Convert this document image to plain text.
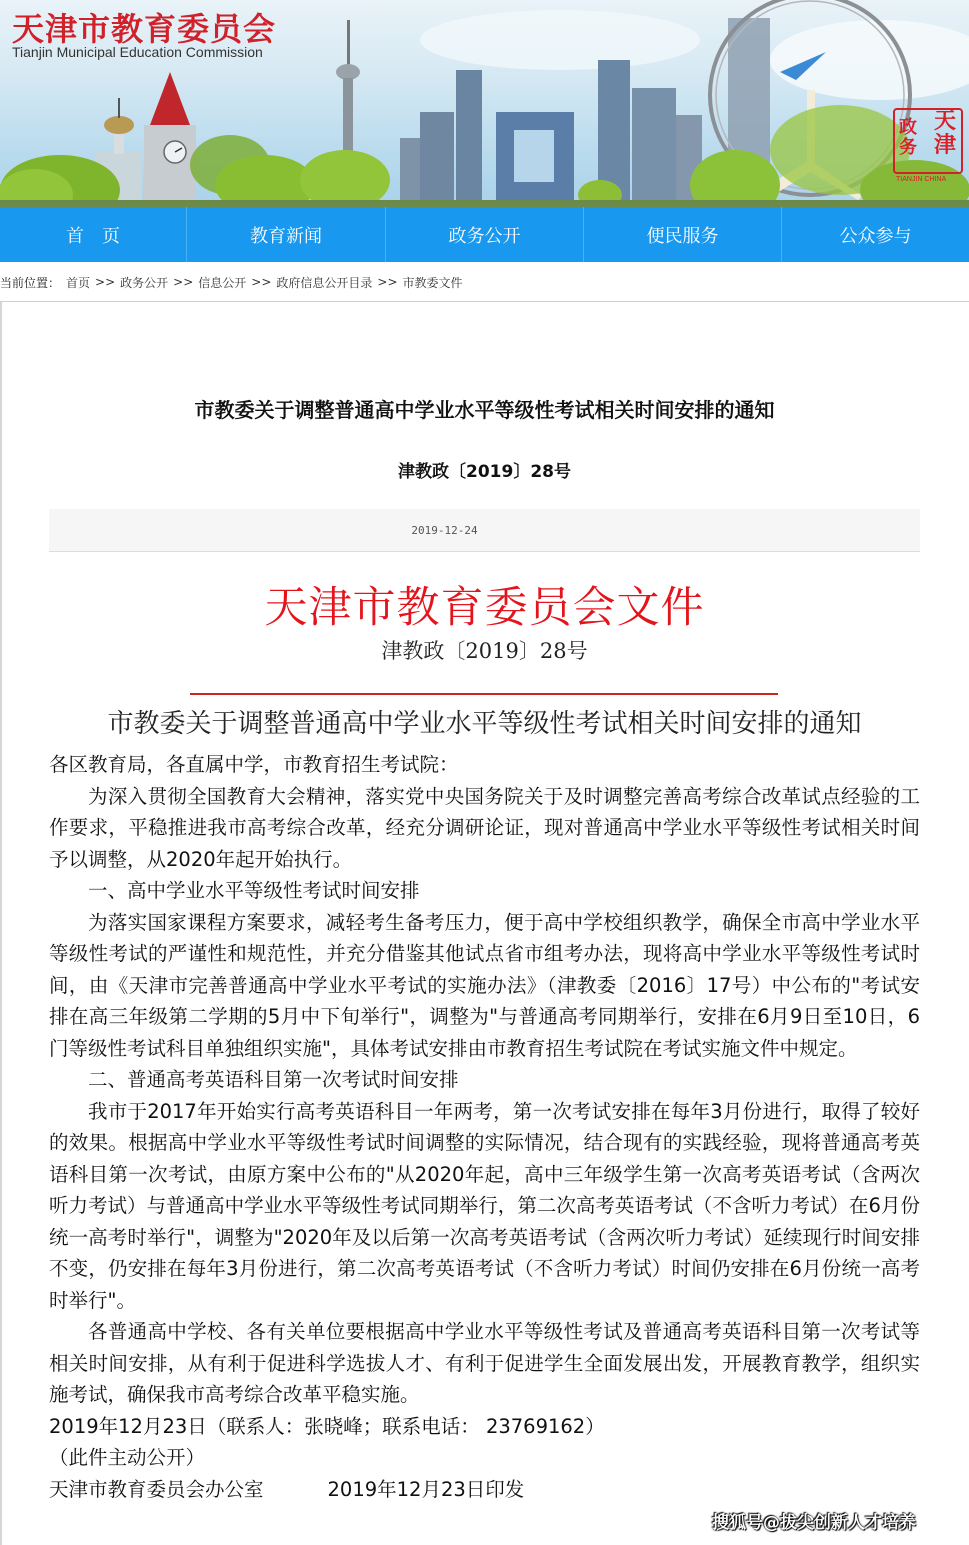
天津市教育委员会
Tianjin Municipal Education Commission
天
津
政
务

TIANJIN CHINA
首　页	教育新闻	政务公开	便民服务	公众参与
当前位置： 首页 >> 政务公开 >> 信息公开 >> 政府信息公开目录 >> 市教委文件
市教委关于调整普通高中学业水平等级性考试相关时间安排的通知
津教政〔2019〕28号
2019-12-24
天津市教育委员会文件
津教政〔2019〕28号
市教委关于调整普通高中学业水平等级性考试相关时间安排的通知

各区教育局，各直属中学，市教育招生考试院：

为深入贯彻全国教育大会精神，落实党中央国务院关于及时调整完善高考综合改革试点经验的工作要求，平稳推进我市高考综合改革，经充分调研论证，现对普通高中学业水平等级性考试相关时间予以调整，从2020年起开始执行。

一、高中学业水平等级性考试时间安排

为落实国家课程方案要求，减轻考生备考压力，便于高中学校组织教学，确保全市高中学业水平等级性考试的严谨性和规范性，并充分借鉴其他试点省市组考办法，现将高中学业水平等级性考试时间，由《天津市完善普通高中学业水平考试的实施办法》（津教委〔2016〕17号）中公布的"考试安排在高三年级第二学期的5月中下旬举行"，调整为"与普通高考同期举行，安排在6月9日至10日，6门等级性考试科目单独组织实施"，具体考试安排由市教育招生考试院在考试实施文件中规定。

二、普通高考英语科目第一次考试时间安排

我市于2017年开始实行高考英语科目一年两考，第一次考试安排在每年3月份进行，取得了较好的效果。根据高中学业水平等级性考试时间调整的实际情况，结合现有的实践经验，现将普通高考英语科目第一次考试，由原方案中公布的"从2020年起，高中三年级学生第一次高考英语考试（含两次听力考试）与普通高中学业水平等级性考试同期举行，第二次高考英语考试（不含听力考试）在6月份统一高考时举行"，调整为"2020年及以后第一次高考英语考试（含两次听力考试）延续现行时间安排不变，仍安排在每年3月份进行，第二次高考英语考试（不含听力考试）时间仍安排在6月份统一高考时举行"。

各普通高中学校、各有关单位要根据高中学业水平等级性考试及普通高考英语科目第一次考试等相关时间安排，从有利于促进科学选拔人才、有利于促进学生全面发展出发，开展教育教学，组织实施考试，确保我市高考综合改革平稳实施。

2019年12月23日（联系人：张晓峰；联系电话： 23769162）

（此件主动公开）

天津市教育委员会办公室	2019年12月23日印发

搜狐号@拔尖创新人才培养
